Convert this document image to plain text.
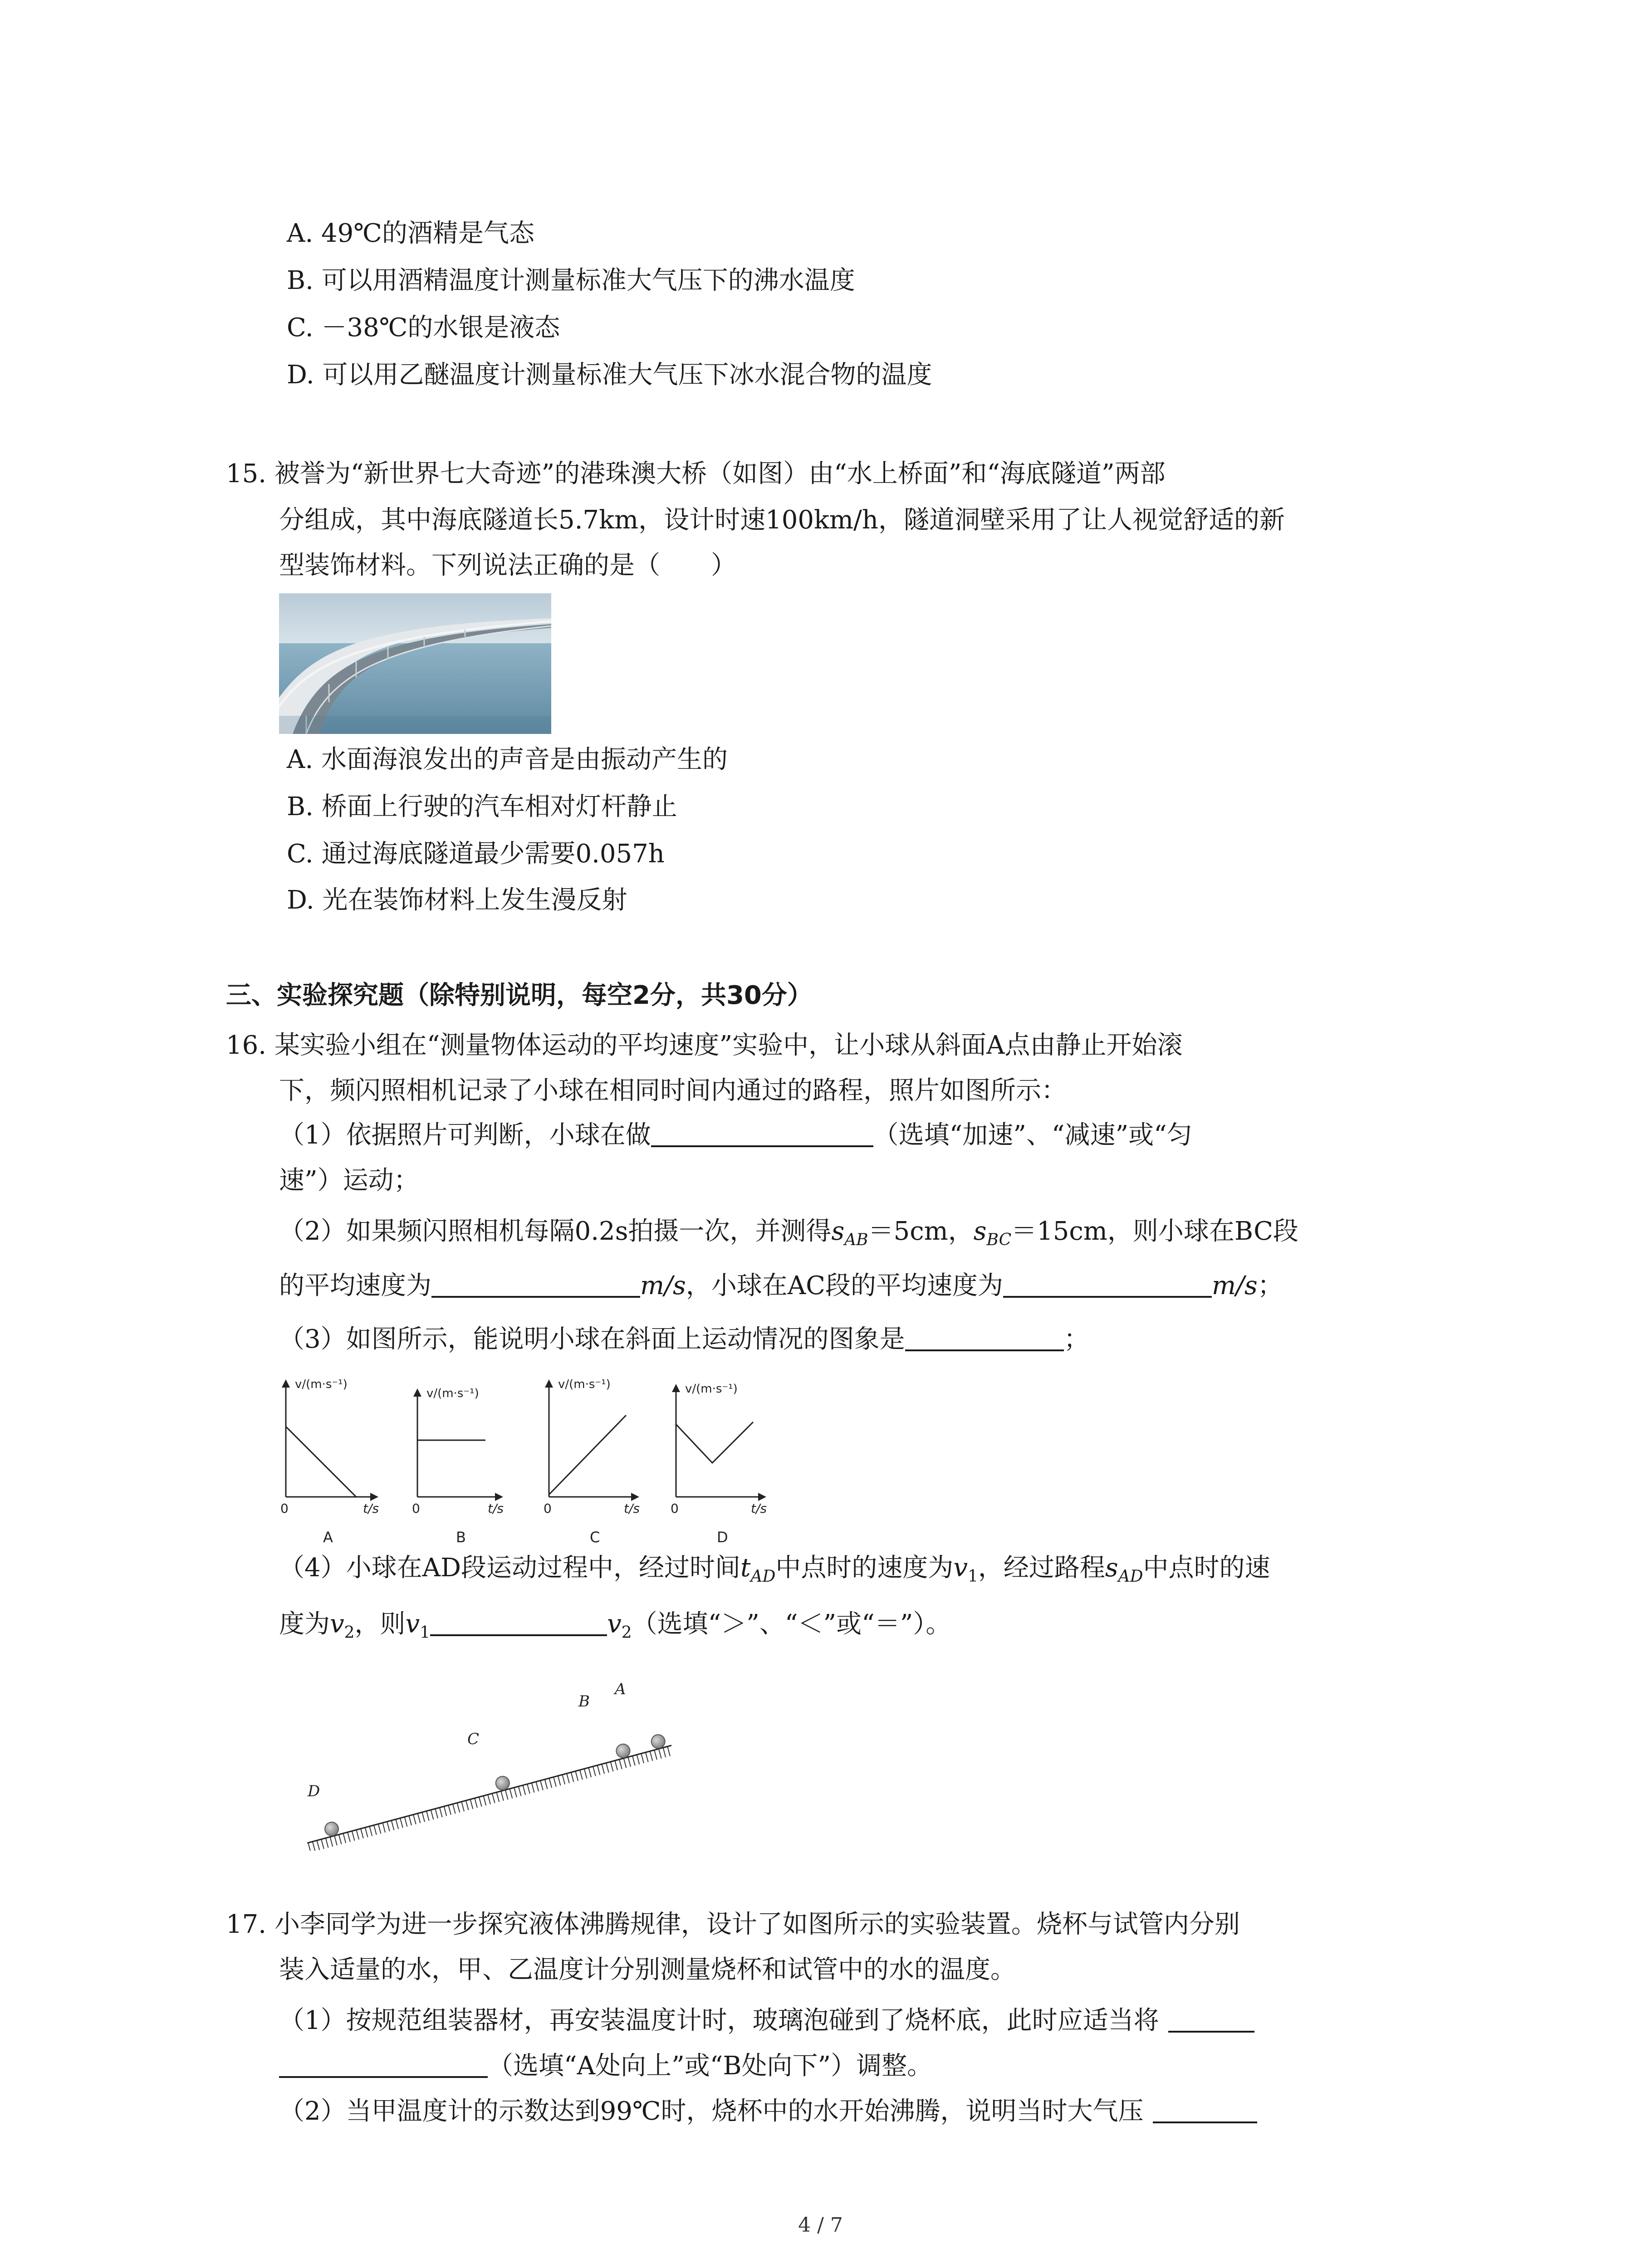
A. 49℃的酒精是气态
B. 可以用酒精温度计测量标准大气压下的沸水温度
C. －38℃的水银是液态
D. 可以用乙醚温度计测量标准大气压下冰水混合物的温度
15. 被誉为“新世界七大奇迹”的港珠澳大桥（如图）由“水上桥面”和“海底隧道”两部
分组成，其中海底隧道长5.7km，设计时速100km/h，隧道洞壁采用了让人视觉舒适的新
型装饰材料。下列说法正确的是（　　）
A. 水面海浪发出的声音是由振动产生的
B. 桥面上行驶的汽车相对灯杆静止
C. 通过海底隧道最少需要0.057h
D. 光在装饰材料上发生漫反射
三、实验探究题（除特别说明，每空2分，共30分）
16. 某实验小组在“测量物体运动的平均速度”实验中，让小球从斜面A点由静止开始滚
下，频闪照相机记录了小球在相同时间内通过的路程，照片如图所示：
（1）依据照片可判断，小球在做	（选填“加速”、“减速”或“匀
速”）运动；
（2）如果频闪照相机每隔0.2s拍摄一次，并测得$s_{AB}=5cm$，$s_{BC}=15cm$，则小球在BC段
的平均速度为	m/s，小球在AC段的平均速度为	m/s；
（3）如图所示，能说明小球在斜面上运动情况的图象是	；
v/(m·s⁻¹)
t/s
0
A
v/(m·s⁻¹)
t/s
0
B
v/(m·s⁻¹)
t/s
0
C
v/(m·s⁻¹)
t/s
0
D
（4）小球在AD段运动过程中，经过时间$t_{AD}$中点时的速度为$v_1$，经过路程$s_{AD}$中点时的速
度为$v_2$，则$v_1$	$v_2$（选填“＞”、“＜”或“＝”）。
D
C
B
A
17. 小李同学为进一步探究液体沸腾规律，设计了如图所示的实验装置。烧杯与试管内分别
装入适量的水，甲、乙温度计分别测量烧杯和试管中的水的温度。
（1）按规范组装器材，再安装温度计时，玻璃泡碰到了烧杯底，此时应适当将
（选填“A处向上”或“B处向下”）调整。
（2）当甲温度计的示数达到99℃时，烧杯中的水开始沸腾，说明当时大气压
4 / 7
